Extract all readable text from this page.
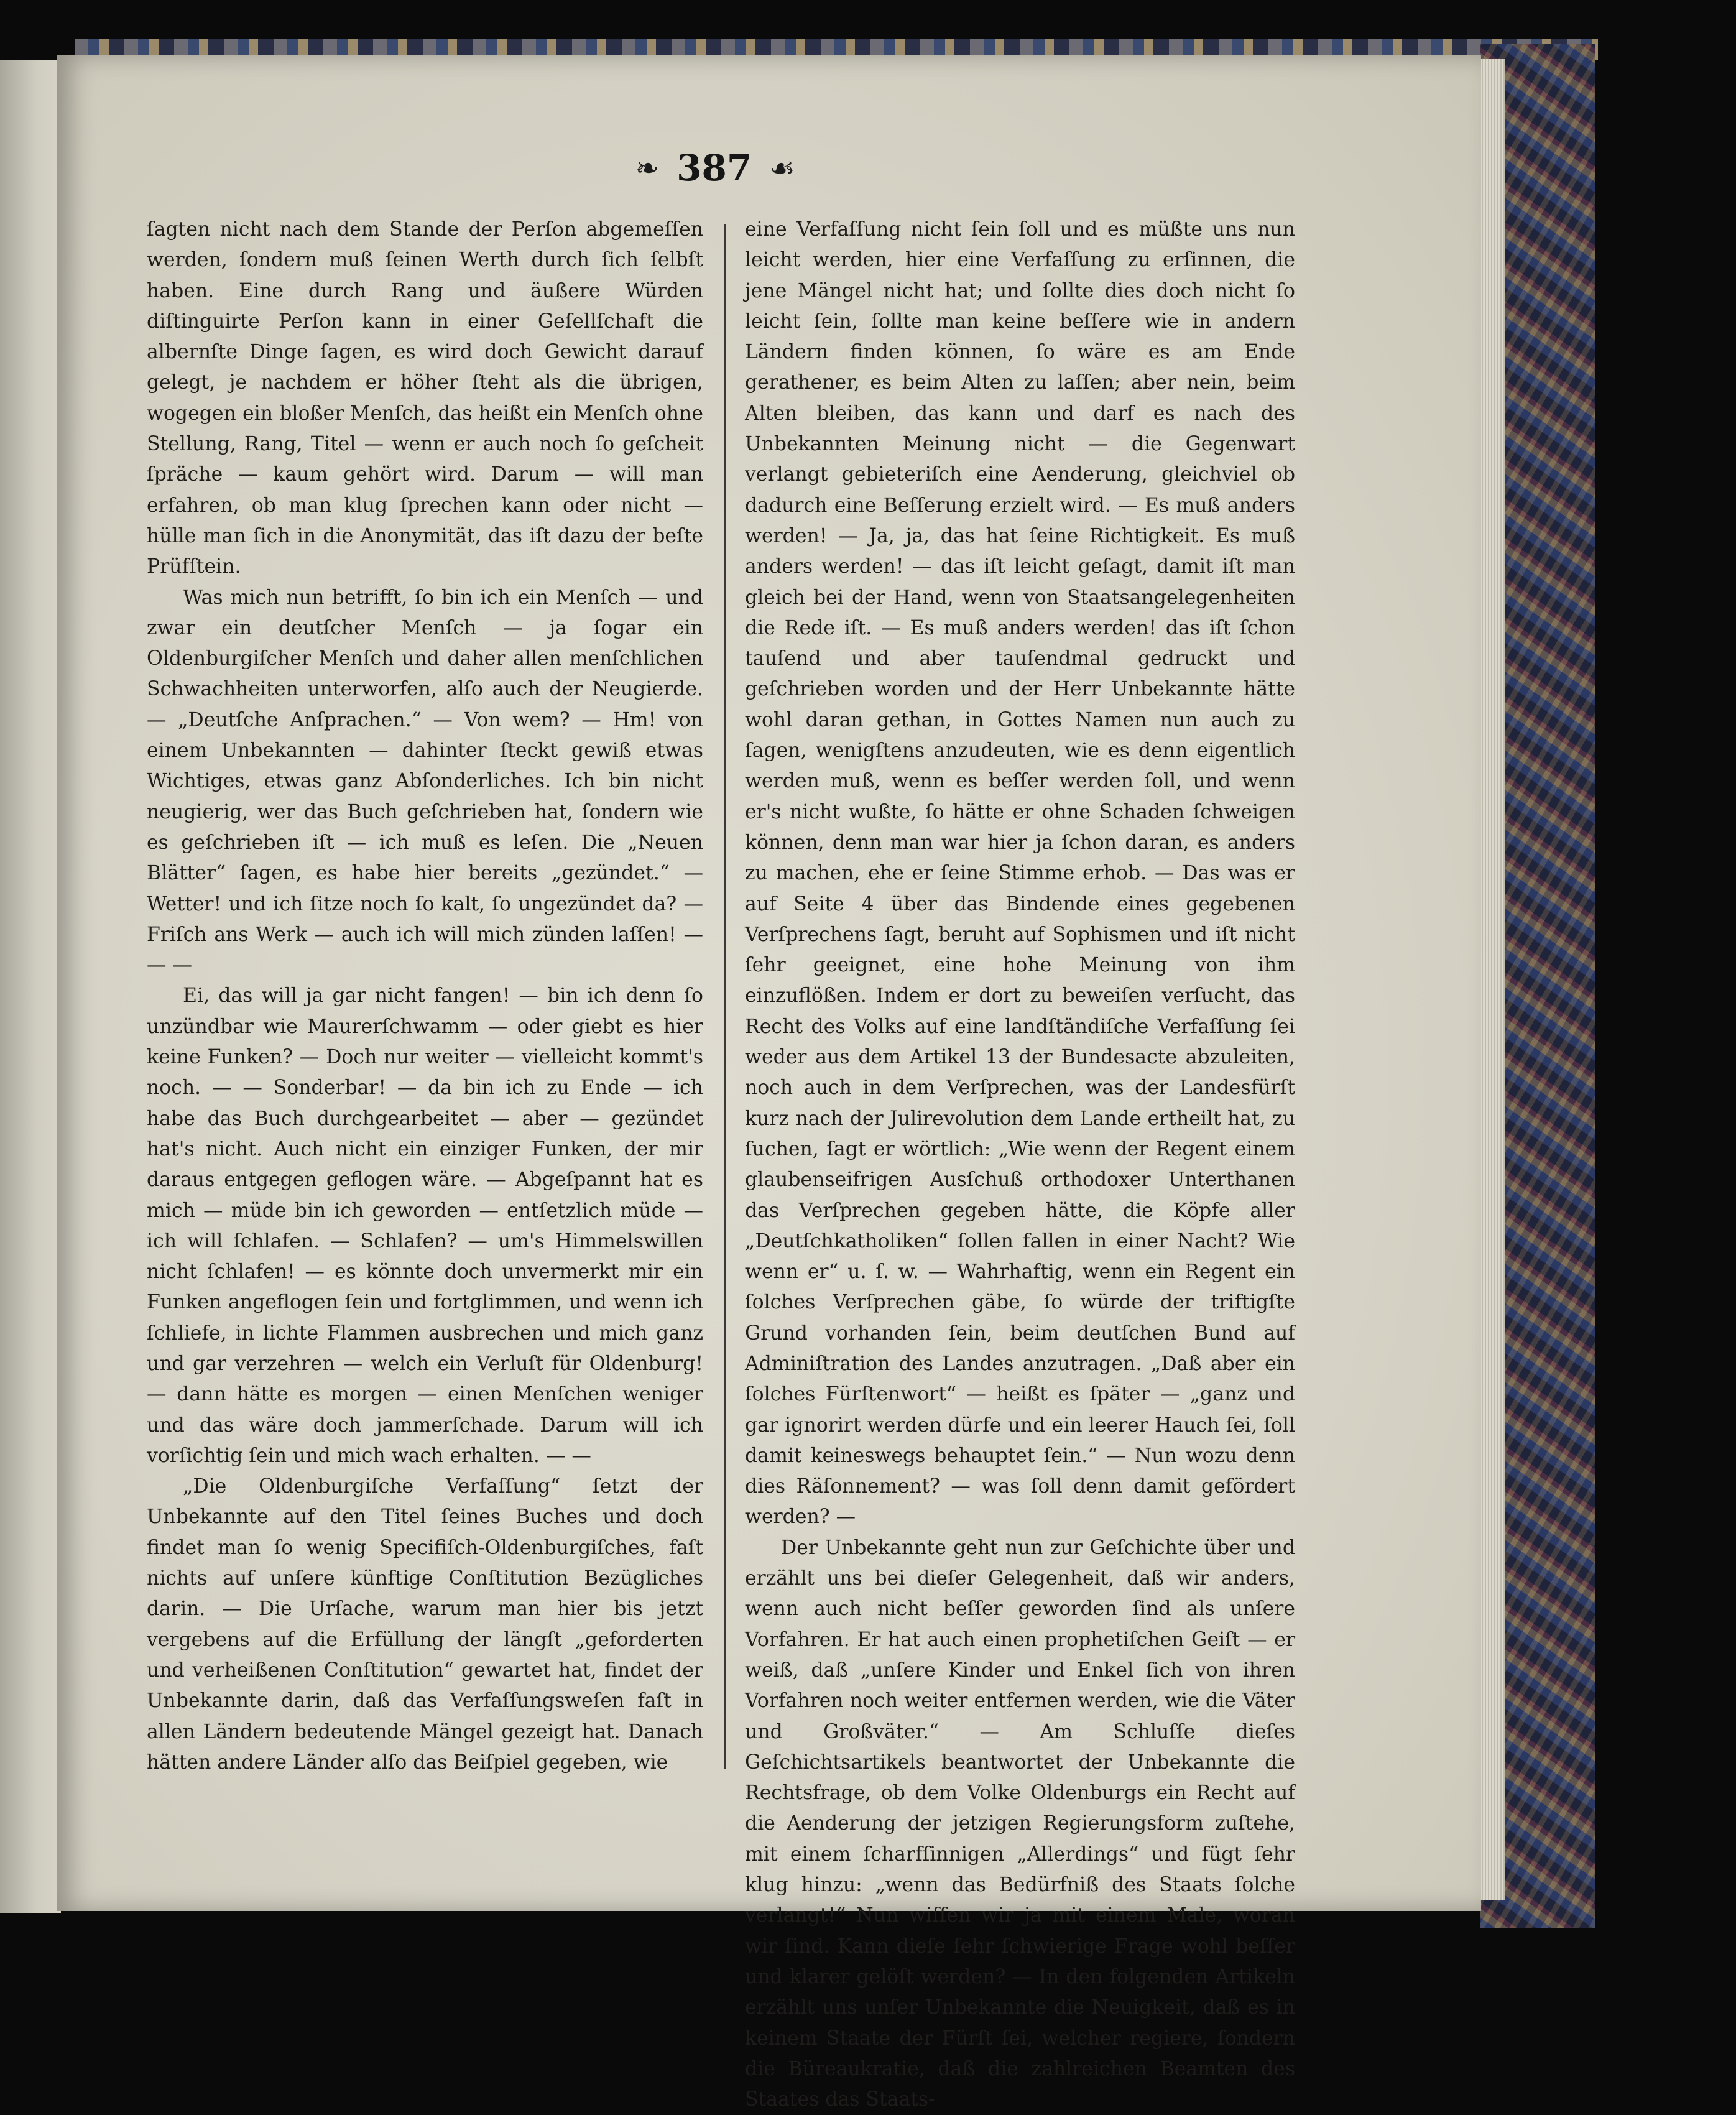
❧ 387 ☙

ſagten nicht nach dem Stande der Perſon abgemeſſen werden, ſondern muß ſeinen Werth durch ſich ſelbſt haben. Eine durch Rang und äußere Würden diſtinguirte Perſon kann in einer Geſellſchaft die albernſte Dinge ſagen, es wird doch Gewicht darauf gelegt, je nachdem er höher ſteht als die übrigen, wogegen ein bloßer Menſch, das heißt ein Menſch ohne Stellung, Rang, Titel — wenn er auch noch ſo geſcheit ſpräche — kaum gehört wird. Darum — will man erfahren, ob man klug ſprechen kann oder nicht — hülle man ſich in die Anonymität, das iſt dazu der beſte Prüfſtein.

Was mich nun betrifft, ſo bin ich ein Menſch — und zwar ein deutſcher Menſch — ja ſogar ein Oldenburgiſcher Menſch und daher allen menſchlichen Schwachheiten unterworfen, alſo auch der Neugierde. — „Deutſche Anſprachen.“ — Von wem? — Hm! von einem Unbekannten — dahinter ſteckt gewiß etwas Wichtiges, etwas ganz Abſonderliches. Ich bin nicht neugierig, wer das Buch geſchrieben hat, ſondern wie es geſchrieben iſt — ich muß es leſen. Die „Neuen Blätter“ ſagen, es habe hier bereits „gezündet.“ — Wetter! und ich ſitze noch ſo kalt, ſo ungezündet da? — Friſch ans Werk — auch ich will mich zünden laſſen! — — —

Ei, das will ja gar nicht fangen! — bin ich denn ſo unzündbar wie Maurerſchwamm — oder giebt es hier keine Funken? — Doch nur weiter — vielleicht kommt's noch. — — Sonderbar! — da bin ich zu Ende — ich habe das Buch durchgearbeitet — aber — gezündet hat's nicht. Auch nicht ein einziger Funken, der mir daraus entgegen geflogen wäre. — Abgeſpannt hat es mich — müde bin ich geworden — entſetzlich müde — ich will ſchlafen. — Schlafen? — um's Himmelswillen nicht ſchlafen! — es könnte doch unvermerkt mir ein Funken angeflogen ſein und fortglimmen, und wenn ich ſchliefe, in lichte Flammen ausbrechen und mich ganz und gar verzehren — welch ein Verluſt für Oldenburg! — dann hätte es morgen — einen Menſchen weniger und das wäre doch jammerſchade. Darum will ich vorſichtig ſein und mich wach erhalten. — —

„Die Oldenburgiſche Verfaſſung“ ſetzt der Unbekannte auf den Titel ſeines Buches und doch findet man ſo wenig Specifiſch-Oldenburgiſches, faſt nichts auf unſere künftige Conſtitution Bezügliches darin. — Die Urſache, warum man hier bis jetzt vergebens auf die Erfüllung der längſt „geforderten und verheißenen Conſtitution“ gewartet hat, findet der Unbekannte darin, daß das Verfaſſungsweſen faſt in allen Ländern bedeutende Mängel gezeigt hat. Danach hätten andere Länder alſo das Beiſpiel gegeben, wie

eine Verfaſſung nicht ſein ſoll und es müßte uns nun leicht werden, hier eine Verfaſſung zu erſinnen, die jene Mängel nicht hat; und ſollte dies doch nicht ſo leicht ſein, ſollte man keine beſſere wie in andern Ländern finden können, ſo wäre es am Ende gerathener, es beim Alten zu laſſen; aber nein, beim Alten bleiben, das kann und darf es nach des Unbekannten Meinung nicht — die Gegenwart verlangt gebieteriſch eine Aenderung, gleichviel ob dadurch eine Beſſerung erzielt wird. — Es muß anders werden! — Ja, ja, das hat ſeine Richtigkeit. Es muß anders werden! — das iſt leicht geſagt, damit iſt man gleich bei der Hand, wenn von Staatsangelegenheiten die Rede iſt. — Es muß anders werden! das iſt ſchon tauſend und aber tauſendmal gedruckt und geſchrieben worden und der Herr Unbekannte hätte wohl daran gethan, in Gottes Namen nun auch zu ſagen, wenigſtens anzudeuten, wie es denn eigentlich werden muß, wenn es beſſer werden ſoll, und wenn er's nicht wußte, ſo hätte er ohne Schaden ſchweigen können, denn man war hier ja ſchon daran, es anders zu machen, ehe er ſeine Stimme erhob. — Das was er auf Seite 4 über das Bindende eines gegebenen Verſprechens ſagt, beruht auf Sophismen und iſt nicht ſehr geeignet, eine hohe Meinung von ihm einzuflößen. Indem er dort zu beweiſen verſucht, das Recht des Volks auf eine landſtändiſche Verfaſſung ſei weder aus dem Artikel 13 der Bundesacte abzuleiten, noch auch in dem Verſprechen, was der Landesfürſt kurz nach der Julirevolution dem Lande ertheilt hat, zu ſuchen, ſagt er wörtlich: „Wie wenn der Regent einem glaubenseifrigen Ausſchuß orthodoxer Unterthanen das Verſprechen gegeben hätte, die Köpfe aller „Deutſchkatholiken“ ſollen fallen in einer Nacht? Wie wenn er“ u. ſ. w. — Wahrhaftig, wenn ein Regent ein ſolches Verſprechen gäbe, ſo würde der triftigſte Grund vorhanden ſein, beim deutſchen Bund auf Adminiſtration des Landes anzutragen. „Daß aber ein ſolches Fürſtenwort“ — heißt es ſpäter — „ganz und gar ignorirt werden dürfe und ein leerer Hauch ſei, ſoll damit keineswegs behauptet ſein.“ — Nun wozu denn dies Räſonnement? — was ſoll denn damit gefördert werden? —

Der Unbekannte geht nun zur Geſchichte über und erzählt uns bei dieſer Gelegenheit, daß wir anders, wenn auch nicht beſſer geworden ſind als unſere Vorfahren. Er hat auch einen prophetiſchen Geiſt — er weiß, daß „unſere Kinder und Enkel ſich von ihren Vorfahren noch weiter entfernen werden, wie die Väter und Großväter.“ — Am Schluſſe dieſes Geſchichtsartikels beantwortet der Unbekannte die Rechtsfrage, ob dem Volke Oldenburgs ein Recht auf die Aenderung der jetzigen Regierungsform zuſtehe, mit einem ſcharfſinnigen „Allerdings“ und fügt ſehr klug hinzu: „wenn das Bedürfniß des Staats ſolche verlangt!“ Nun wiſſen wir ja mit einem Male, woran wir ſind. Kann dieſe ſehr ſchwierige Frage wohl beſſer und klarer gelöſt werden? — In den folgenden Artikeln erzählt uns unſer Unbekannte die Neuigkeit, daß es in keinem Staate der Fürſt ſei, welcher regiere, ſondern die Büreaukratie, daß die zahlreichen Beamten des Staates das Staats-
